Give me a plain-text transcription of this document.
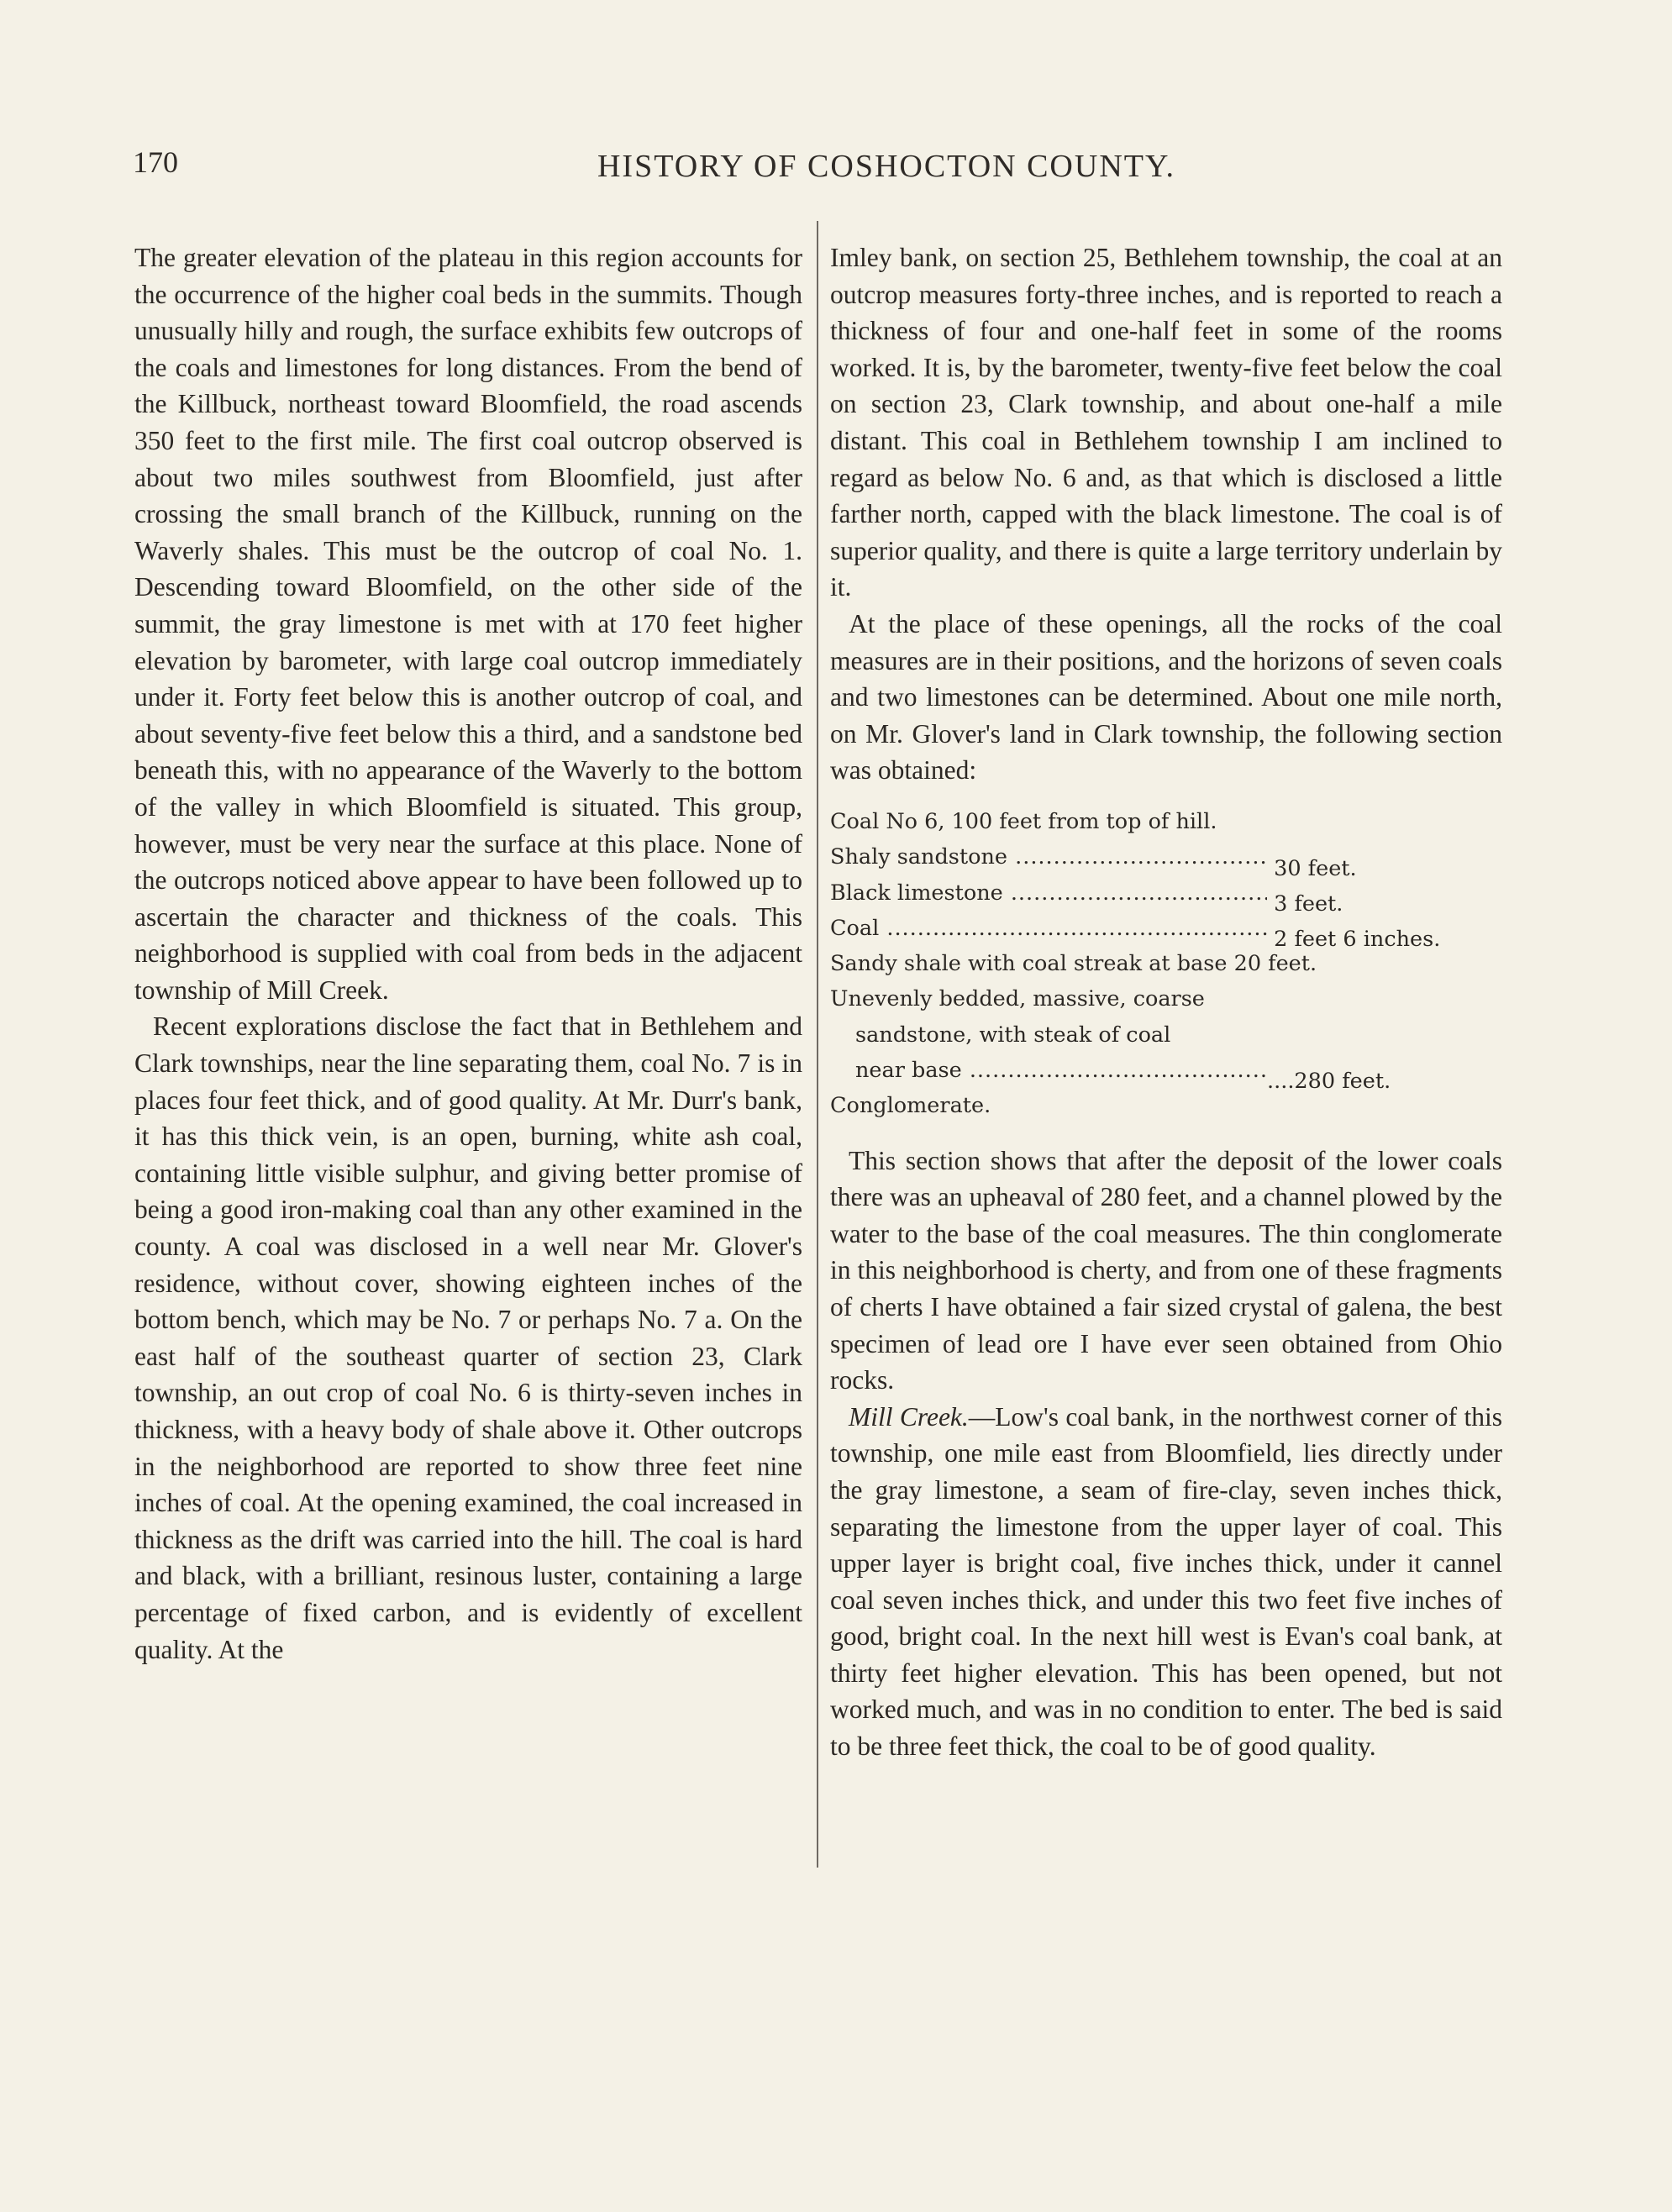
170	HISTORY OF COSHOCTON COUNTY.

The greater elevation of the plateau in this region accounts for the occurrence of the higher coal beds in the summits. Though unusually hilly and rough, the surface exhibits few outcrops of the coals and limestones for long distances. From the bend of the Killbuck, northeast toward Bloomfield, the road ascends 350 feet to the first mile. The first coal outcrop observed is about two miles southwest from Bloomfield, just after crossing the small branch of the Killbuck, running on the Waverly shales. This must be the outcrop of coal No. 1. Descending toward Bloomfield, on the other side of the summit, the gray limestone is met with at 170 feet higher elevation by barometer, with large coal outcrop immediately under it. Forty feet below this is another outcrop of coal, and about seventy-five feet below this a third, and a sandstone bed beneath this, with no appearance of the Waverly to the bottom of the valley in which Bloomfield is situated. This group, however, must be very near the surface at this place. None of the outcrops noticed above appear to have been followed up to ascertain the character and thickness of the coals. This neighborhood is supplied with coal from beds in the adjacent township of Mill Creek.

Recent explorations disclose the fact that in Bethlehem and Clark townships, near the line separating them, coal No. 7 is in places four feet thick, and of good quality. At Mr. Durr's bank, it has this thick vein, is an open, burning, white ash coal, containing little visible sulphur, and giving better promise of being a good iron-making coal than any other examined in the county. A coal was disclosed in a well near Mr. Glover's residence, without cover, showing eighteen inches of the bottom bench, which may be No. 7 or perhaps No. 7 a. On the east half of the southeast quarter of section 23, Clark township, an out crop of coal No. 6 is thirty-seven inches in thickness, with a heavy body of shale above it. Other outcrops in the neighborhood are reported to show three feet nine inches of coal. At the opening examined, the coal increased in thickness as the drift was carried into the hill. The coal is hard and black, with a brilliant, resinous luster, containing a large percentage of fixed carbon, and is evidently of excellent quality. At the

Imley bank, on section 25, Bethlehem township, the coal at an outcrop measures forty-three inches, and is reported to reach a thickness of four and one-half feet in some of the rooms worked. It is, by the barometer, twenty-five feet below the coal on section 23, Clark township, and about one-half a mile distant. This coal in Bethlehem township I am inclined to regard as below No. 6 and, as that which is disclosed a little farther north, capped with the black limestone. The coal is of superior quality, and there is quite a large territory underlain by it.

At the place of these openings, all the rocks of the coal measures are in their positions, and the horizons of seven coals and two limestones can be determined. About one mile north, on Mr. Glover's land in Clark township, the following section was obtained:

Coal No 6, 100 feet from top of hill.
Shaly sandstone .....	30 feet.
Black limestone .....	3 feet.
Coal .....	2 feet 6 inches.
Sandy shale with coal streak at base 20 feet.
Unevenly bedded, massive, coarse
sandstone, with steak of coal
near base .....	....280 feet.
Conglomerate.

This section shows that after the deposit of the lower coals there was an upheaval of 280 feet, and a channel plowed by the water to the base of the coal measures. The thin conglomerate in this neighborhood is cherty, and from one of these fragments of cherts I have obtained a fair sized crystal of galena, the best specimen of lead ore I have ever seen obtained from Ohio rocks.

Mill Creek.—Low's coal bank, in the northwest corner of this township, one mile east from Bloomfield, lies directly under the gray limestone, a seam of fire-clay, seven inches thick, separating the limestone from the upper layer of coal. This upper layer is bright coal, five inches thick, under it cannel coal seven inches thick, and under this two feet five inches of good, bright coal. In the next hill west is Evan's coal bank, at thirty feet higher elevation. This has been opened, but not worked much, and was in no condition to enter. The bed is said to be three feet thick, the coal to be of good quality.
